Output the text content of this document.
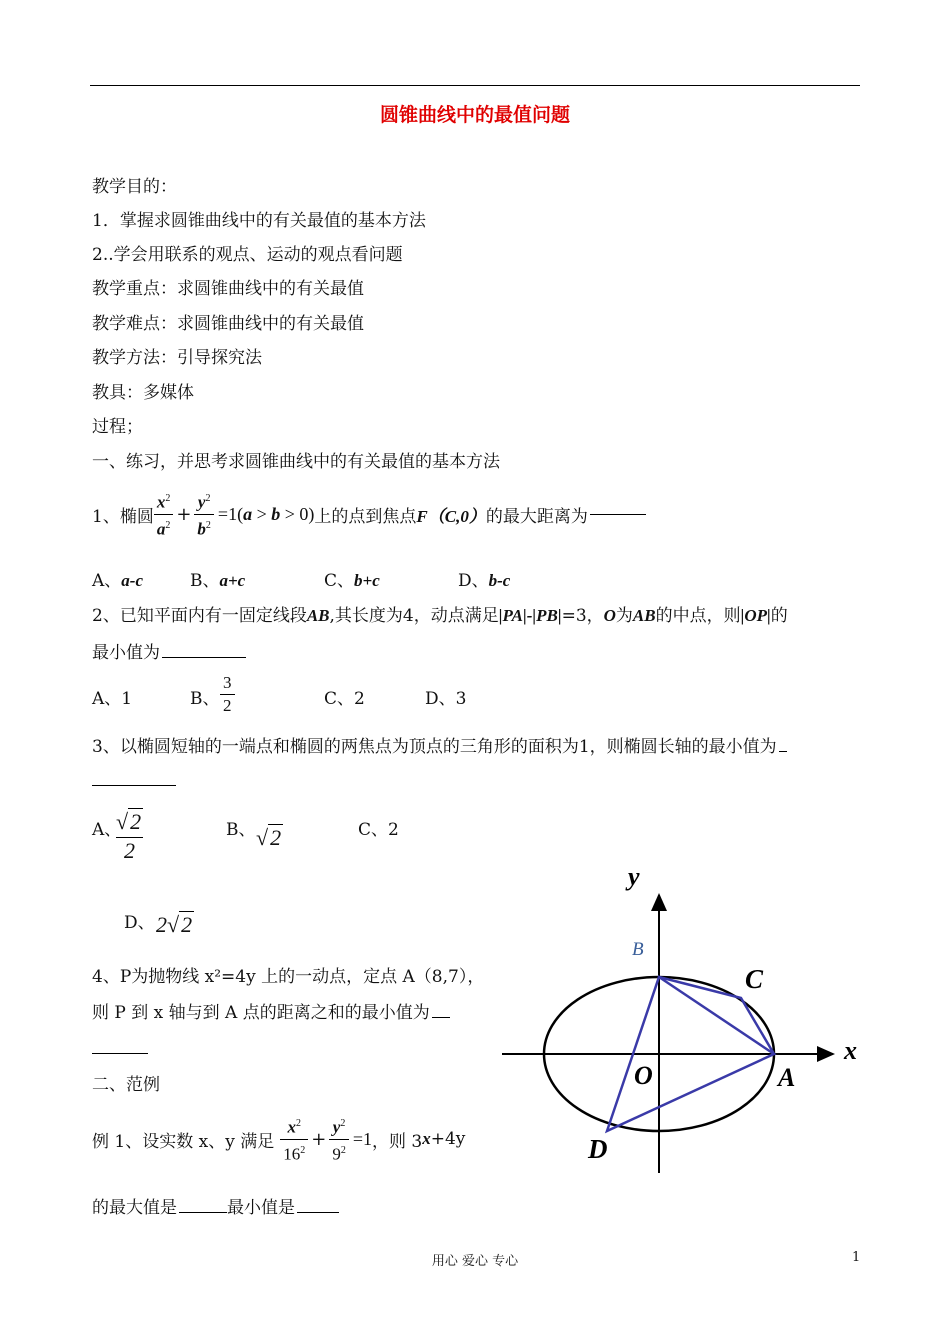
圆锥曲线中的最值问题
教学目的：
1．掌握求圆锥曲线中的有关最值的基本方法
2..学会用联系的观点、运动的观点看问题
教学重点：求圆锥曲线中的有关最值
教学难点：求圆锥曲线中的有关最值
教学方法：引导探究法
教具：多媒体
过程；
一、练习，并思考求圆锥曲线中的有关最值的基本方法
1、椭圆 $\frac{x^2}{a^2} + \frac{y^2}{b^2} =1(a > b > 0)$ 上的点到焦点 F（C,0） 的最大距离为
A、a-c	B、a+c	C、b+c	D、b-c
2、已知平面内有一固定线段AB,其长度为4，动点满足|PA|-|PB|=3，O为AB的中点，则|OP|的
最小值为
A、1	B、 $\frac{3}{2}$	C、2	D、3
3、以椭圆短轴的一端点和椭圆的两焦点为顶点的三角形的面积为1，则椭圆长轴的最小值为
A、
√2
2
B、 √2	C、2
D、 2√2
4、P为抛物线 x²=4y 上的一动点，定点 A（8,7），
则 P 到 x 轴与到 A 点的距离之和的最小值为
二、范例
例 1、设实数 x、y 满足 $\frac{x^2}{16^2} + \frac{y^2}{9^2} =1$ ，则 3 x +4y
的最大值是	最小值是
y
x
B
C
O	A
D
用心 爱心 专心	1
